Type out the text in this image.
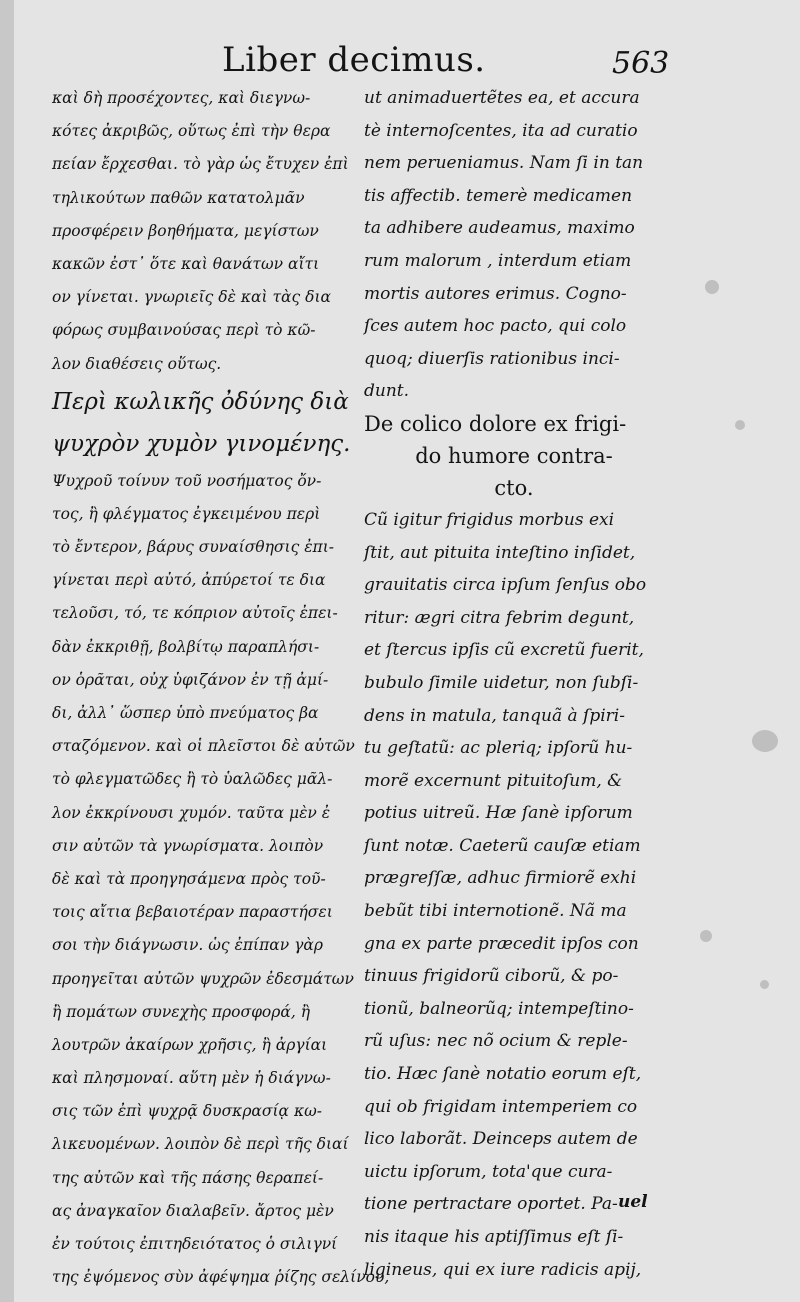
Liber decimus.	563

καὶ δὴ προσέχοντες, καὶ διεγνω-

κότες ἀκριβῶς, οὕτως ἐπὶ τὴν θερα

πείαν ἔρχεσθαι. τὸ γὰρ ὡς ἔτυχεν ἐπὶ

τηλικούτων παθῶν κατατολμᾶν

προσφέρειν βοηθήματα, μεγίστων

κακῶν ἐστ᾽ ὅτε καὶ θανάτων αἴτι

ον γίνεται. γνωριεῖς δὲ καὶ τὰς δια

φόρως συμβαινούσας περὶ τὸ κῶ-

λον διαθέσεις οὕτως.

Περὶ κωλικῆς ὀδύνης διὰ

ψυχρὸν χυμὸν γινομένης.

Ψυχροῦ τοίνυν τοῦ νοσήματος ὄν-

τος, ἢ φλέγματος ἐγκειμένου περὶ

τὸ ἔντερον, βάρυς συναίσθησις ἐπι-

γίνεται περὶ αὐτό, ἀπύρετοί τε δια

τελοῦσι, τό, τε κόπριον αὐτοῖς ἐπει-

δὰν ἐκκριθῇ, βολβίτῳ παραπλήσι-

ον ὁρᾶται, οὐχ ὑφιζάνον ἐν τῇ ἀμί-

δι, ἀλλ᾽ ὥσπερ ὑπὸ πνεύματος βα

σταζόμενον. καὶ οἱ πλεῖστοι δὲ αὐτῶν

τὸ φλεγματῶδες ἢ τὸ ὑαλῶδες μᾶλ-

λον ἐκκρίνουσι χυμόν. ταῦτα μὲν ἐ

σιν αὐτῶν τὰ γνωρίσματα. λοιπὸν

δὲ καὶ τὰ προηγησάμενα πρὸς τοῦ-

τοις αἴτια βεβαιοτέραν παραστήσει

σοι τὴν διάγνωσιν. ὡς ἐπίπαν γὰρ

προηγεῖται αὐτῶν ψυχρῶν ἐδεσμάτων

ἢ πομάτων συνεχὴς προσφορά, ἢ

λουτρῶν ἀκαίρων χρῆσις, ἢ ἀργίαι

καὶ πλησμοναί. αὕτη μὲν ἡ διάγνω-

σις τῶν ἐπὶ ψυχρᾷ δυσκρασίᾳ κω-

λικευομένων. λοιπὸν δὲ περὶ τῆς διαί

της αὐτῶν καὶ τῆς πάσης θεραπεί-

ας ἀναγκαῖον διαλαβεῖν. ἄρτος μὲν

ἐν τούτοις ἐπιτηδειότατος ὁ σιλιγνί

της ἐψόμενος σὺν ἀφέψημα ῥίζης σελίνου,

ut animaduertẽtes ea, et accura

tè internoſcentes, ita ad curatio

nem perueniamus. Nam ſi in tan

tis affectib. temerè medicamen

ta adhibere audeamus, maximo

rum malorum , interdum etiam

mortis autores erimus. Cogno-

ſces autem hoc pacto, qui colo

quoq; diuerſis rationibus inci-

dunt.

De colico dolore ex frigi-

do humore contra-

cto.

Cũ igitur frigidus morbus exi

ſtit, aut pituita inteſtino inſidet,

grauitatis circa ipſum ſenſus obo

ritur: ægri citra febrim degunt,

et ſtercus ipſis cũ excretũ fuerit,

bubulo ſimile uidetur, non ſubſi-

dens in matula, tanquã à ſpiri-

tu geſtatũ: ac pleriq; ipſorũ hu-

morẽ excernunt pituitoſum, &

potius uitreũ. Hæ ſanè ipſorum

ſunt notæ. Caeterũ cauſæ etiam

prægreſſæ, adhuc firmiorẽ exhi

bebũt tibi internotionẽ. Nã ma

gna ex parte præcedit ipſos con

tinuus frigidorũ ciborũ, & po-

tionũ, balneorũq; intempeſtino-

rũ uſus: nec nõ ocium & reple-

tio. Hæc ſanè notatio eorum eſt,

qui ob frigidam intemperiem co

lico laborãt. Deinceps autem de

uictu ipſorum, tota'que cura-

tione pertractare oportet. Pa-

nis itaque his aptiſſimus eſt ſi-

ligineus, qui ex iure radicis apij,

uel
